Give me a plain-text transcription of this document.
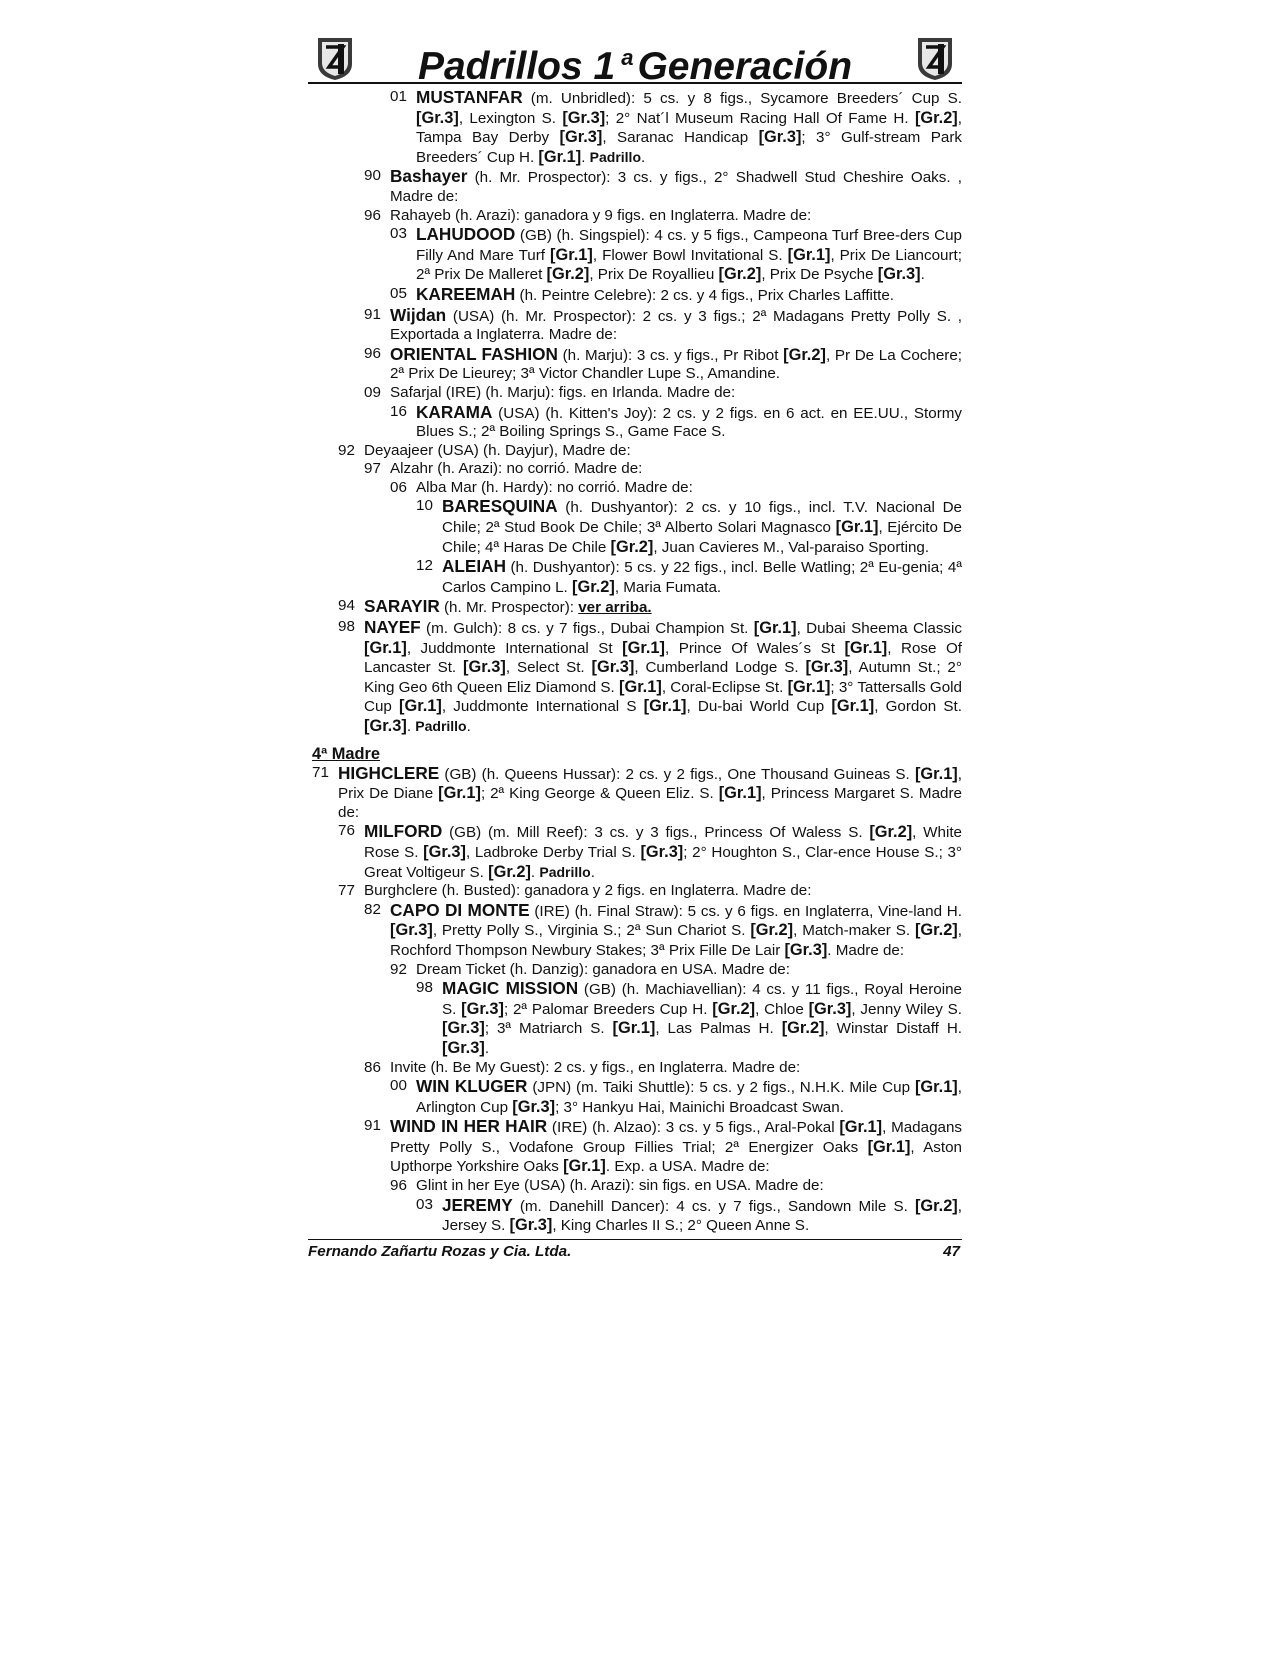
Padrillos 1 $^a$ Generación
01 MUSTANFAR (m. Unbridled): 5 cs. y 8 figs., Sycamore Breeders´ Cup S. [Gr.3], Lexington S. [Gr.3]; 2° Nat´l Museum Racing Hall Of Fame H. [Gr.2], Tampa Bay Derby [Gr.3], Saranac Handicap [Gr.3]; 3° Gulf-stream Park Breeders´ Cup H. [Gr.1]. Padrillo.
90 Bashayer (h. Mr. Prospector): 3 cs. y figs., 2° Shadwell Stud Cheshire Oaks. , Madre de:
96 Rahayeb (h. Arazi): ganadora y 9 figs. en Inglaterra. Madre de:
03 LAHUDOOD (GB) (h. Singspiel): 4 cs. y 5 figs., Campeona Turf Bree-ders Cup Filly And Mare Turf [Gr.1], Flower Bowl Invitational S. [Gr.1], Prix De Liancourt; 2ª Prix De Malleret [Gr.2], Prix De Royallieu [Gr.2], Prix De Psyche [Gr.3].
05 KAREEMAH (h. Peintre Celebre): 2 cs. y 4 figs., Prix Charles Laffitte.
91 Wijdan (USA) (h. Mr. Prospector): 2 cs. y 3 figs.; 2ª Madagans Pretty Polly S. , Exportada a Inglaterra. Madre de:
96 ORIENTAL FASHION (h. Marju): 3 cs. y figs., Pr Ribot [Gr.2], Pr De La Cochere; 2ª Prix De Lieurey; 3ª Victor Chandler Lupe S., Amandine.
09 Safarjal (IRE) (h. Marju): figs. en Irlanda. Madre de:
16 KARAMA (USA) (h. Kitten's Joy): 2 cs. y 2 figs. en 6 act. en EE.UU., Stormy Blues S.; 2ª Boiling Springs S., Game Face S.
92 Deyaajeer (USA) (h. Dayjur), Madre de:
97 Alzahr (h. Arazi): no corrió. Madre de:
06 Alba Mar (h. Hardy): no corrió. Madre de:
10 BARESQUINA (h. Dushyantor): 2 cs. y 10 figs., incl. T.V. Nacional De Chile; 2ª Stud Book De Chile; 3ª Alberto Solari Magnasco [Gr.1], Ejército De Chile; 4ª Haras De Chile [Gr.2], Juan Cavieres M., Val-paraiso Sporting.
12 ALEIAH (h. Dushyantor): 5 cs. y 22 figs., incl. Belle Watling; 2ª Eu-genia; 4ª Carlos Campino L. [Gr.2], Maria Fumata.
94 SARAYIR (h. Mr. Prospector): ver arriba.
98 NAYEF (m. Gulch): 8 cs. y 7 figs., Dubai Champion St. [Gr.1], Dubai Sheema Classic [Gr.1], Juddmonte International St [Gr.1], Prince Of Wales´s St [Gr.1], Rose Of Lancaster St. [Gr.3], Select St. [Gr.3], Cumberland Lodge S. [Gr.3], Autumn St.; 2° King Geo 6th Queen Eliz Diamond S. [Gr.1], Coral-Eclipse St. [Gr.1]; 3° Tattersalls Gold Cup [Gr.1], Juddmonte International S [Gr.1], Du-bai World Cup [Gr.1], Gordon St. [Gr.3]. Padrillo.
4ª Madre
71 HIGHCLERE (GB) (h. Queens Hussar): 2 cs. y 2 figs., One Thousand Guineas S. [Gr.1], Prix De Diane [Gr.1]; 2ª King George & Queen Eliz. S. [Gr.1], Princess Margaret S. Madre de:
76 MILFORD (GB) (m. Mill Reef): 3 cs. y 3 figs., Princess Of Waless S. [Gr.2], White Rose S. [Gr.3], Ladbroke Derby Trial S. [Gr.3]; 2° Houghton S., Clar-ence House S.; 3° Great Voltigeur S. [Gr.2]. Padrillo.
77 Burghclere (h. Busted): ganadora y 2 figs. en Inglaterra. Madre de:
82 CAPO DI MONTE (IRE) (h. Final Straw): 5 cs. y 6 figs. en Inglaterra, Vine-land H. [Gr.3], Pretty Polly S., Virginia S.; 2ª Sun Chariot S. [Gr.2], Match-maker S. [Gr.2], Rochford Thompson Newbury Stakes; 3ª Prix Fille De Lair [Gr.3]. Madre de:
92 Dream Ticket (h. Danzig): ganadora en USA. Madre de:
98 MAGIC MISSION (GB) (h. Machiavellian): 4 cs. y 11 figs., Royal Heroine S. [Gr.3]; 2ª Palomar Breeders Cup H. [Gr.2], Chloe [Gr.3], Jenny Wiley S. [Gr.3]; 3ª Matriarch S. [Gr.1], Las Palmas H. [Gr.2], Winstar Distaff H. [Gr.3].
86 Invite (h. Be My Guest): 2 cs. y figs., en Inglaterra. Madre de:
00 WIN KLUGER (JPN) (m. Taiki Shuttle): 5 cs. y 2 figs., N.H.K. Mile Cup [Gr.1], Arlington Cup [Gr.3]; 3° Hankyu Hai, Mainichi Broadcast Swan.
91 WIND IN HER HAIR (IRE) (h. Alzao): 3 cs. y 5 figs., Aral-Pokal [Gr.1], Madagans Pretty Polly S., Vodafone Group Fillies Trial; 2ª Energizer Oaks [Gr.1], Aston Upthorpe Yorkshire Oaks [Gr.1]. Exp. a USA. Madre de:
96 Glint in her Eye (USA) (h. Arazi): sin figs. en USA. Madre de:
03 JEREMY (m. Danehill Dancer): 4 cs. y 7 figs., Sandown Mile S. [Gr.2], Jersey S. [Gr.3], King Charles II S.; 2° Queen Anne S.
Fernando Zañartu Rozas y Cia. Ltda.	47
